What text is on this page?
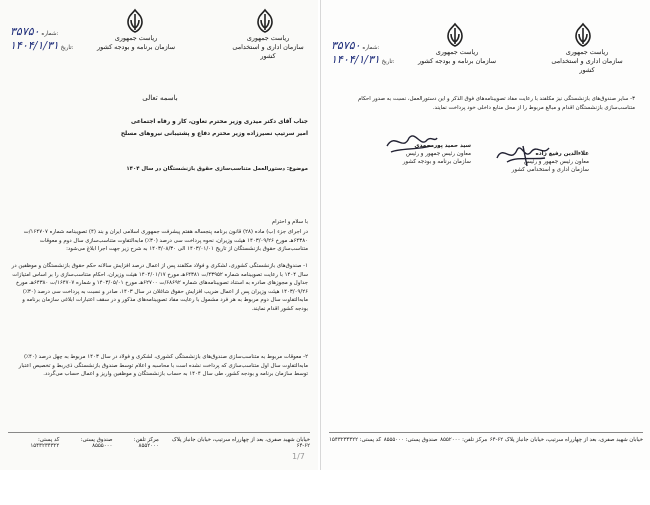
ریاست جمهوری
سازمان اداری و استخدامی کشور
ریاست جمهوری
سازمان برنامه و بودجه کشور
۳۵۷۵۰ شماره:
۱۴۰۴/۱/۳۱ تاریخ:
باسمه تعالی
جناب آقای دکتر میدری وزیر محترم تعاون، کار و رفاه اجتماعی
امیر سرتیپ نصیرزاده وزیر محترم دفاع و پشتیبانی نیروهای مسلح
موضوع: دستورالعمل متناسب‌سازی حقوق بازنشستگان در سال ۱۴۰۴
با سلام و احترام
در اجرای جزء (ب) ماده (۲۸) قانون برنامه پنجساله هفتم پیشرفت جمهوری اسلامی ایران و بند (۴) تصویبنامه شماره ۱۶۴۷۰۷/ت ۶۴۳۸۰هـ مورخ ۱۴۰۳/۰۹/۲۶ هیئت وزیران، نحوه پرداخت سی درصد (۳۰٪) مابه‌التفاوت متناسب‌سازی سال دوم و معوقات متناسب‌سازی حقوق بازنشستگان از تاریخ ۱۴۰۳/۰۱/۰۱ الی ۱۴۰۳/۰۸/۳۰ به شرح زیر جهت اجرا ابلاغ می‌شود:
۱- صندوق‌های بازنشستگی کشوری، لشکری و فولاد مکلفند پس از اعمال درصد افزایش سالانه حکم حقوق بازنشستگان و موظفین در سال ۱۴۰۴ با رعایت تصویبنامه شماره ۴۳۹۵۲/ت ۶۴۳۸۱هـ مورخ ۱۴۰۴/۰۱/۱۷ هیئت وزیران، احکام متناسب‌سازی را بر اساس امتیازات جداول و مجوزهای صادره به استناد تصویبنامه‌های شماره ۶۸۶۹۲/ت ۶۲۷۰۰هـ مورخ ۱۴۰۳/۰۵/۰۱ و شماره ۱۶۴۷۰۷/ت ۶۴۳۸۰هـ مورخ ۱۴۰۳/۰۹/۲۶ هیئت وزیران پس از اعمال ضریب افزایش حقوق شاغلان در سال ۱۴۰۳، صادر و نسبت به پرداخت سی درصد (۳۰٪) مابه‌التفاوت سال دوم مربوط به هر فرد مشمول با رعایت مفاد تصویبنامه‌های مذکور و در سقف اعتبارات ابلاغی سازمان برنامه و بودجه کشور اقدام نمایند.
۲- معوقات مربوط به متناسب‌سازی صندوق‌های بازنشستگی کشوری، لشکری و فولاد در سال ۱۴۰۳ مربوط به چهل درصد (۴۰٪) مابه‌التفاوت سال اول متناسب‌سازی که پرداخت نشده است با محاسبه و اعلام توسط صندوق بازنشستگی ذی‌ربط و تخصیص اعتبار توسط سازمان برنامه و بودجه کشور، طی سال ۱۴۰۴ به حساب بازنشستگان و موظفین واریز و اعمال حساب می‌گردد.
خیابان شهید صفری، بعد از چهارراه سرتیپ، خیابان جانباز پلاک ۶۲-۶۴
مرکز تلفن: ۸۵۵۲۰۰۰
صندوق پستی: ۸۵۵۵۰۰۰
کد پستی: ۱۵۴۳۲۳۴۳۲۲
ریاست جمهوری
سازمان اداری و استخدامی کشور
ریاست جمهوری
سازمان برنامه و بودجه کشور
۳۵۷۵۰ شماره:
۱۴۰۴/۱/۳۱ تاریخ:
۳- سایر صندوق‌های بازنشستگی نیز مکلفند با رعایت مفاد تصویبنامه‌های فوق الذکر و این دستورالعمل، نسبت به صدور احکام متناسب‌سازی بازنشستگان اقدام و مبالغ مربوط را از محل منابع داخلی خود پرداخت نمایند.
علاءالدین رفیع زاده
معاون رئیس جمهور و رئیس
سازمان اداری و استخدامی کشور
سید حمید پورمحمدی
معاون رئیس جمهور و رئیس
سازمان برنامه و بودجه کشور
خیابان شهید صفری، بعد از چهارراه سرتیپ، خیابان جانباز پلاک ۶۲-۶۴
مرکز تلفن: ۸۵۵۲۰۰۰
صندوق پستی: ۸۵۵۵۰۰۰
کد پستی: ۱۵۴۳۲۳۴۳۲۲
1/7
